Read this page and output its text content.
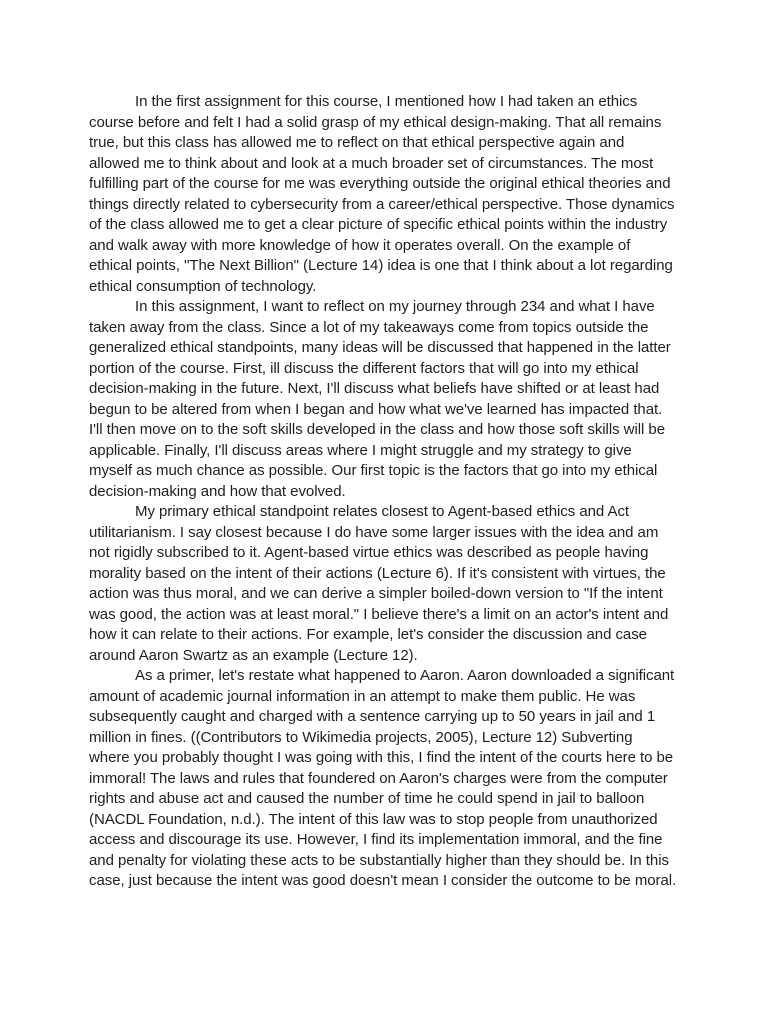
In the first assignment for this course, I mentioned how I had taken an ethics course before and felt I had a solid grasp of my ethical design-making. That all remains true, but this class has allowed me to reflect on that ethical perspective again and allowed me to think about and look at a much broader set of circumstances. The most fulfilling part of the course for me was everything outside the original ethical theories and things directly related to cybersecurity from a career/ethical perspective. Those dynamics of the class allowed me to get a clear picture of specific ethical points within the industry and walk away with more knowledge of how it operates overall. On the example of ethical points, "The Next Billion" (Lecture 14) idea is one that I think about a lot regarding ethical consumption of technology.

In this assignment, I want to reflect on my journey through 234 and what I have taken away from the class. Since a lot of my takeaways come from topics outside the generalized ethical standpoints, many ideas will be discussed that happened in the latter portion of the course. First, ill discuss the different factors that will go into my ethical decision-making in the future. Next, I'll discuss what beliefs have shifted or at least had begun to be altered from when I began and how what we've learned has impacted that. I'll then move on to the soft skills developed in the class and how those soft skills will be applicable. Finally, I'll discuss areas where I might struggle and my strategy to give myself as much chance as possible. Our first topic is the factors that go into my ethical decision-making and how that evolved.

My primary ethical standpoint relates closest to Agent-based ethics and Act utilitarianism. I say closest because I do have some larger issues with the idea and am not rigidly subscribed to it. Agent-based virtue ethics was described as people having morality based on the intent of their actions (Lecture 6). If it's consistent with virtues, the action was thus moral, and we can derive a simpler boiled-down version to "If the intent was good, the action was at least moral." I believe there's a limit on an actor's intent and how it can relate to their actions. For example, let's consider the discussion and case around Aaron Swartz as an example (Lecture 12).

As a primer, let's restate what happened to Aaron. Aaron downloaded a significant amount of academic journal information in an attempt to make them public. He was subsequently caught and charged with a sentence carrying up to 50 years in jail and 1 million in fines. ((Contributors to Wikimedia projects, 2005), Lecture 12) Subverting where you probably thought I was going with this, I find the intent of the courts here to be immoral! The laws and rules that foundered on Aaron's charges were from the computer rights and abuse act and caused the number of time he could spend in jail to balloon (NACDL Foundation, n.d.). The intent of this law was to stop people from unauthorized access and discourage its use. However, I find its implementation immoral, and the fine and penalty for violating these acts to be substantially higher than they should be. In this case, just because the intent was good doesn't mean I consider the outcome to be moral.
